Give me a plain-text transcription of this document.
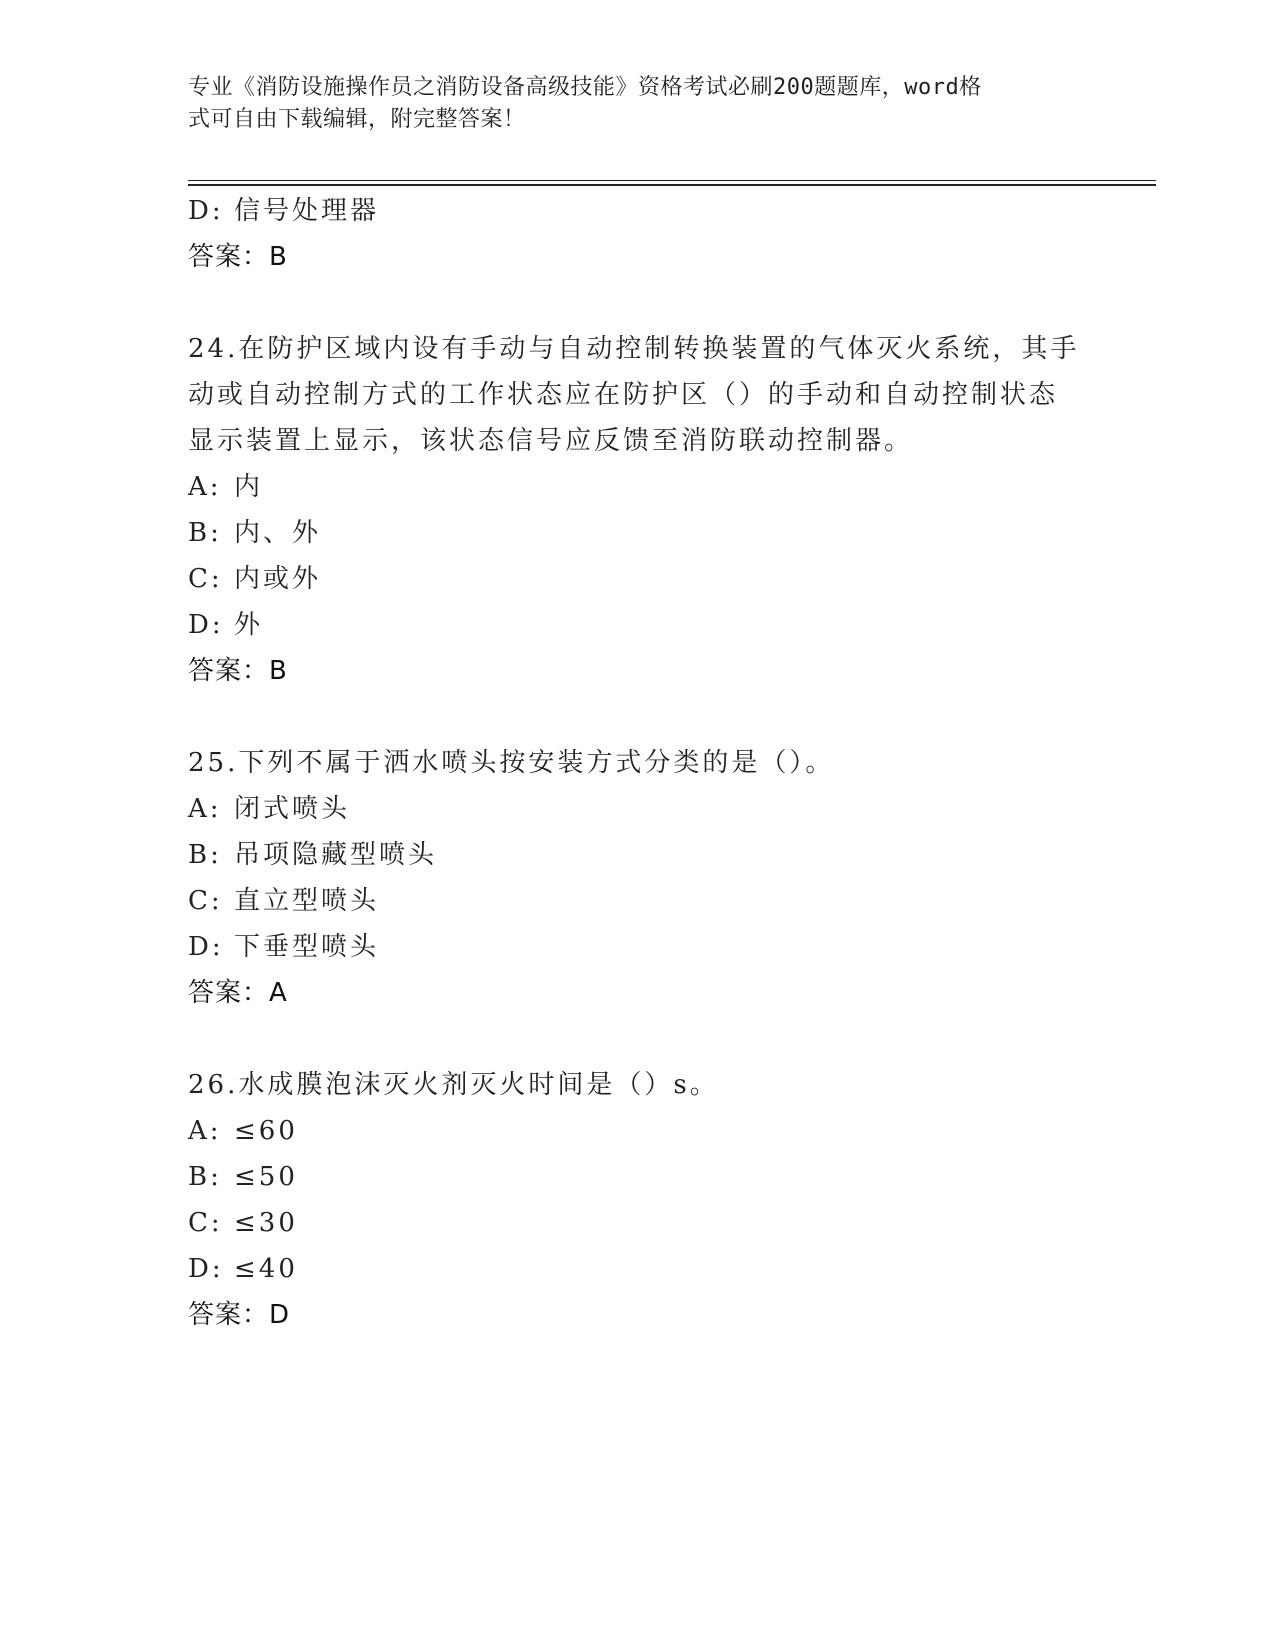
专业《消防设施操作员之消防设备高级技能》资格考试必刷200题题库，word格
式可自由下载编辑，附完整答案！
D: 信号处理器
答案：B
24.在防护区域内设有手动与自动控制转换装置的气体灭火系统，其手
动或自动控制方式的工作状态应在防护区（）的手动和自动控制状态
显示装置上显示，该状态信号应反馈至消防联动控制器。
A: 内
B: 内、外
C: 内或外
D: 外
答案：B
25.下列不属于洒水喷头按安装方式分类的是（）。
A: 闭式喷头
B: 吊项隐藏型喷头
C: 直立型喷头
D: 下垂型喷头
答案：A
26.水成膜泡沫灭火剂灭火时间是（）s。
A: ≤60
B: ≤50
C: ≤30
D: ≤40
答案：D
